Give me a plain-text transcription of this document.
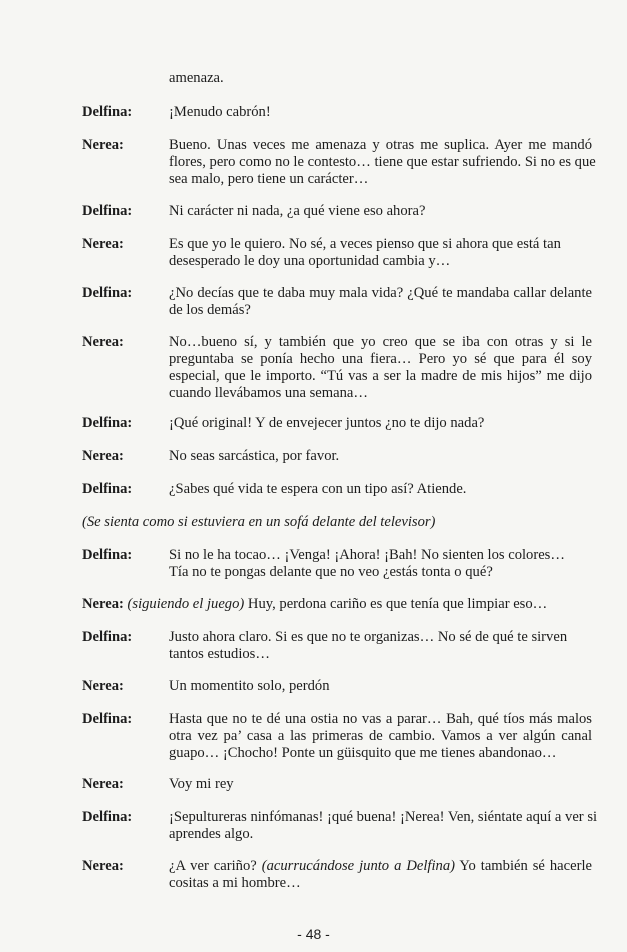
amenaza.
Delfina:	¡Menudo cabrón!
Nerea:	Bueno. Unas veces me amenaza y otras me suplica. Ayer me mandó
flores, pero como no le contesto… tiene que estar sufriendo. Si no es que
sea malo, pero tiene un carácter…
Delfina:	Ni carácter ni nada, ¿a qué viene eso ahora?
Nerea:	Es que yo le quiero. No sé, a veces pienso que si ahora que está tan
desesperado le doy una oportunidad cambia y…
Delfina:	¿No decías que te daba muy mala vida? ¿Qué te mandaba callar delante
de los demás?
Nerea:	No…bueno sí, y también que yo creo que se iba con otras y si le
preguntaba se ponía hecho una fiera… Pero yo sé que para él soy
especial, que le importo. “Tú vas a ser la madre de mis hijos” me dijo
cuando llevábamos una semana…
Delfina:	¡Qué original! Y de envejecer juntos ¿no te dijo nada?
Nerea:	No seas sarcástica, por favor.
Delfina:	¿Sabes qué vida te espera con un tipo así? Atiende.
(Se sienta como si estuviera en un sofá delante del televisor)
Delfina:	Si no le ha tocao… ¡Venga! ¡Ahora! ¡Bah! No sienten los colores…
Tía no te pongas delante que no veo ¿estás tonta o qué?
Nerea: (siguiendo el juego) Huy, perdona cariño es que tenía que limpiar eso…
Delfina:	Justo ahora claro. Si es que no te organizas… No sé de qué te sirven
tantos estudios…
Nerea:	Un momentito solo, perdón
Delfina:	Hasta que no te dé una ostia no vas a parar… Bah, qué tíos más malos
otra vez pa’ casa a las primeras de cambio. Vamos a ver algún canal
guapo… ¡Chocho! Ponte un güisquito que me tienes abandonao…
Nerea:	Voy mi rey
Delfina:	¡Sepultureras ninfómanas! ¡qué buena! ¡Nerea! Ven, siéntate aquí a ver si
aprendes algo.
Nerea:	¿A ver cariño? (acurrucándose junto a Delfina) Yo también sé hacerle
cositas a mi hombre…
- 48 -
